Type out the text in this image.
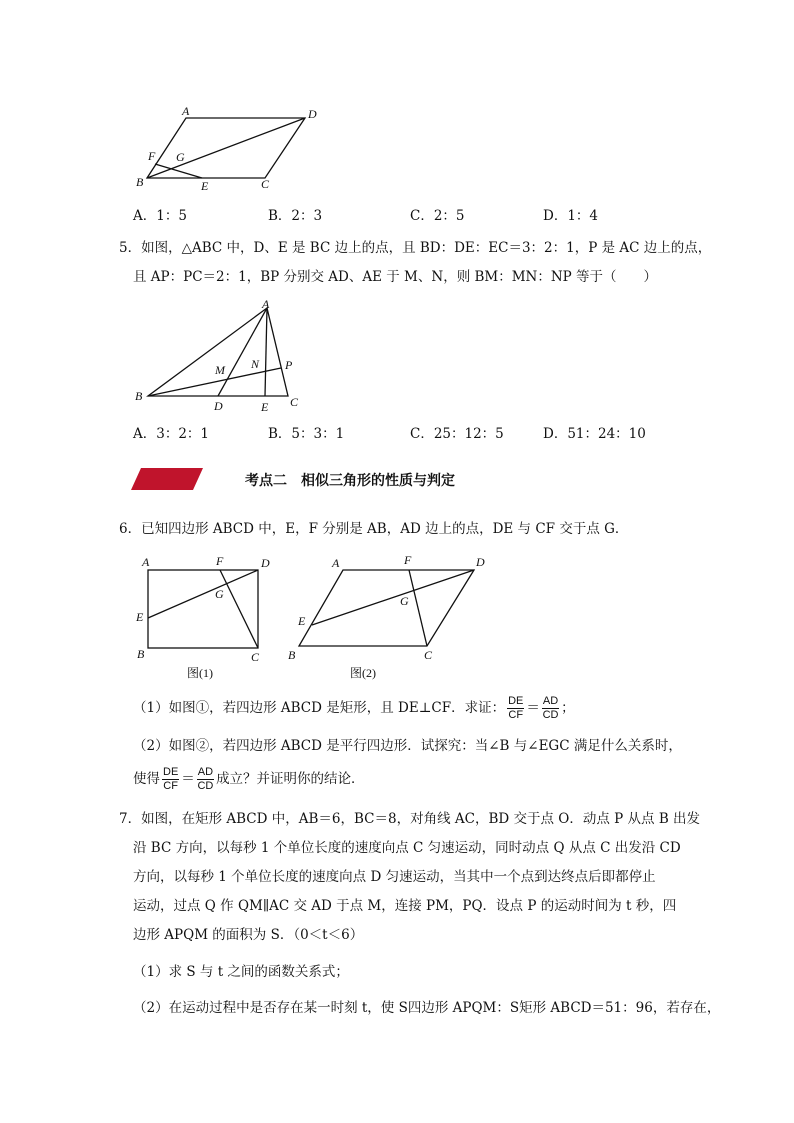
A	D
F G
B	E	C
A．1：5	B．2：3	C．2：5	D．1：4
5．如图，△ABC 中，D、E 是 BC 边上的点，且 BD：DE：EC＝3：2：1，P 是 AC 边上的点，
且 AP：PC＝2：1，BP 分别交 AD、AE 于 M、N，则 BM：MN：NP 等于（　　）
A
B	C
D	E
M N P
A．3：2：1	B．5：3：1	C．25：12：5	D．51：24：10
考点二　相似三角形的性质与判定
6．已知四边形 ABCD 中，E，F 分别是 AB，AD 边上的点，DE 与 CF 交于点 G．
A	F	D
G
E
B	C
图(1)
A	F	D
G
E
B	C
图(2)
（1）如图①，若四边形 ABCD 是矩形，且 DE⊥CF．求证： $\frac{DE}{CF} = \frac{AD}{CD}$ ；
（2）如图②，若四边形 ABCD 是平行四边形．试探究：当∠B 与∠EGC 满足什么关系时，
使得 $\frac{DE}{CF} = \frac{AD}{CD}$ 成立？并证明你的结论．
7．如图，在矩形 ABCD 中，AB＝6，BC＝8，对角线 AC，BD 交于点 O．动点 P 从点 B 出发
沿 BC 方向，以每秒 1 个单位长度的速度向点 C 匀速运动，同时动点 Q 从点 C 出发沿 CD
方向，以每秒 1 个单位长度的速度向点 D 匀速运动，当其中一个点到达终点后即都停止
运动，过点 Q 作 QM∥AC 交 AD 于点 M，连接 PM，PQ．设点 P 的运动时间为 t 秒，四
边形 APQM 的面积为 S．（0＜t＜6）
（1）求 S 与 t 之间的函数关系式；
（2）在运动过程中是否存在某一时刻 t，使 S四边形 APQM：S矩形 ABCD＝51：96，若存在，
